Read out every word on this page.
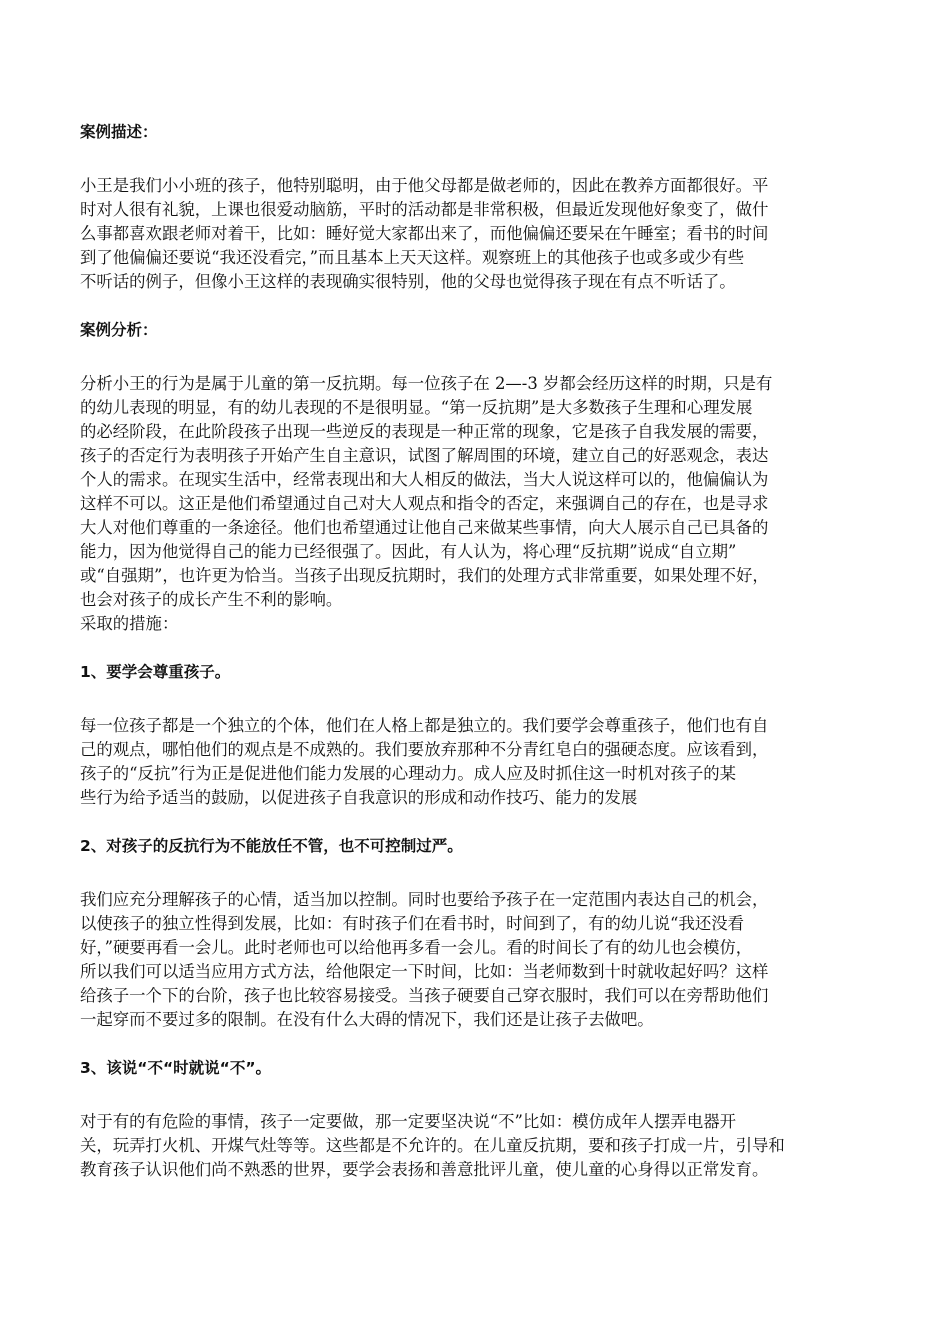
案例描述：

小王是我们小小班的孩子，他特别聪明，由于他父母都是做老师的，因此在教养方面都很好。平
时对人很有礼貌，上课也很爱动脑筋，平时的活动都是非常积极，但最近发现他好象变了，做什
么事都喜欢跟老师对着干，比如：睡好觉大家都出来了，而他偏偏还要呆在午睡室；看书的时间
到了他偏偏还要说“我还没看完，”而且基本上天天这样。观察班上的其他孩子也或多或少有些
不听话的例子，但像小王这样的表现确实很特别，他的父母也觉得孩子现在有点不听话了。

案例分析：

分析小王的行为是属于儿童的第一反抗期。每一位孩子在 2—-3 岁都会经历这样的时期，只是有
的幼儿表现的明显，有的幼儿表现的不是很明显。“第一反抗期”是大多数孩子生理和心理发展
的必经阶段，在此阶段孩子出现一些逆反的表现是一种正常的现象，它是孩子自我发展的需要，
孩子的否定行为表明孩子开始产生自主意识，试图了解周围的环境，建立自己的好恶观念，表达
个人的需求。在现实生活中，经常表现出和大人相反的做法，当大人说这样可以的，他偏偏认为
这样不可以。这正是他们希望通过自己对大人观点和指令的否定，来强调自己的存在，也是寻求
大人对他们尊重的一条途径。他们也希望通过让他自己来做某些事情，向大人展示自己已具备的
能力，因为他觉得自己的能力已经很强了。因此，有人认为，将心理“反抗期”说成“自立期”
或“自强期”，也许更为恰当。当孩子出现反抗期时，我们的处理方式非常重要，如果处理不好，
也会对孩子的成长产生不利的影响。
采取的措施：

1、要学会尊重孩子。

每一位孩子都是一个独立的个体，他们在人格上都是独立的。我们要学会尊重孩子，他们也有自
己的观点，哪怕他们的观点是不成熟的。我们要放弃那种不分青红皂白的强硬态度。应该看到，
孩子的“反抗”行为正是促进他们能力发展的心理动力。成人应及时抓住这一时机对孩子的某
些行为给予适当的鼓励，以促进孩子自我意识的形成和动作技巧、能力的发展

2、对孩子的反抗行为不能放任不管，也不可控制过严。

我们应充分理解孩子的心情，适当加以控制。同时也要给予孩子在一定范围内表达自己的机会，
以使孩子的独立性得到发展，比如：有时孩子们在看书时，时间到了，有的幼儿说“我还没看
好，”硬要再看一会儿。此时老师也可以给他再多看一会儿。看的时间长了有的幼儿也会模仿，
所以我们可以适当应用方式方法，给他限定一下时间，比如：当老师数到十时就收起好吗？这样
给孩子一个下的台阶，孩子也比较容易接受。当孩子硬要自己穿衣服时，我们可以在旁帮助他们
一起穿而不要过多的限制。在没有什么大碍的情况下，我们还是让孩子去做吧。

3、该说“不“时就说“不”。

对于有的有危险的事情，孩子一定要做，那一定要坚决说“不”比如：模仿成年人摆弄电器开
关，玩弄打火机、开煤气灶等等。这些都是不允许的。在儿童反抗期，要和孩子打成一片，引导和
教育孩子认识他们尚不熟悉的世界，要学会表扬和善意批评儿童，使儿童的心身得以正常发育。
